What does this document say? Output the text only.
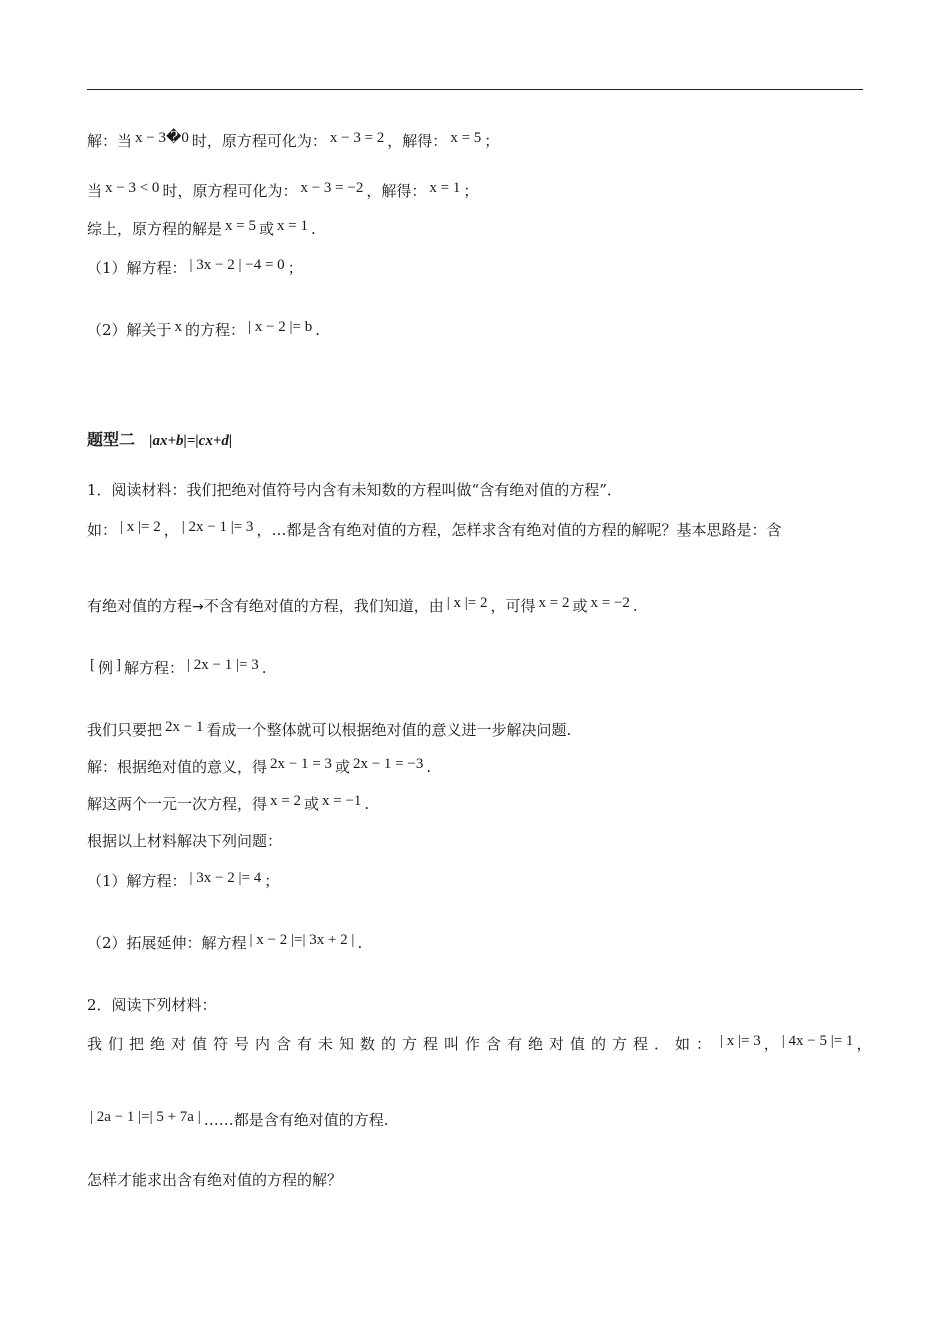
解：当 x − 3�0 时，原方程可化为： x − 3 = 2 ，解得： x = 5 ；
当 x − 3 < 0 时，原方程可化为： x − 3 = −2 ，解得： x = 1 ；
综上，原方程的解是 x = 5 或 x = 1 .
（1）解方程： | 3x − 2 | −4 = 0 ；
（2）解关于 x 的方程： | x − 2 |= b .
题型二 |ax+b|=|cx+d|
1．阅读材料：我们把绝对值符号内含有未知数的方程叫做“含有绝对值的方程”．
如： | x |= 2 ， | 2x − 1 |= 3 ，…都是含有绝对值的方程，怎样求含有绝对值的方程的解呢？基本思路是：含
有绝对值的方程→不含有绝对值的方程，我们知道，由 | x |= 2 ，可得 x = 2 或 x = −2 .
[ 例 ] 解方程： | 2x − 1 |= 3 .
我们只要把 2x − 1 看成一个整体就可以根据绝对值的意义进一步解决问题.
解：根据绝对值的意义，得 2x − 1 = 3 或 2x − 1 = −3 .
解这两个一元一次方程，得 x = 2 或 x = −1 .
根据以上材料解决下列问题：
（1）解方程： | 3x − 2 |= 4 ；
（2）拓展延伸：解方程 | x − 2 |=| 3x + 2 | .
2．阅读下列材料：
我们把绝对值符号内含有未知数的方程叫作含有绝对值的方程．如： | x |= 3 ， | 4x − 5 |= 1 ，
| 2a − 1 |=| 5 + 7a | ……都是含有绝对值的方程.
怎样才能求出含有绝对值的方程的解？
